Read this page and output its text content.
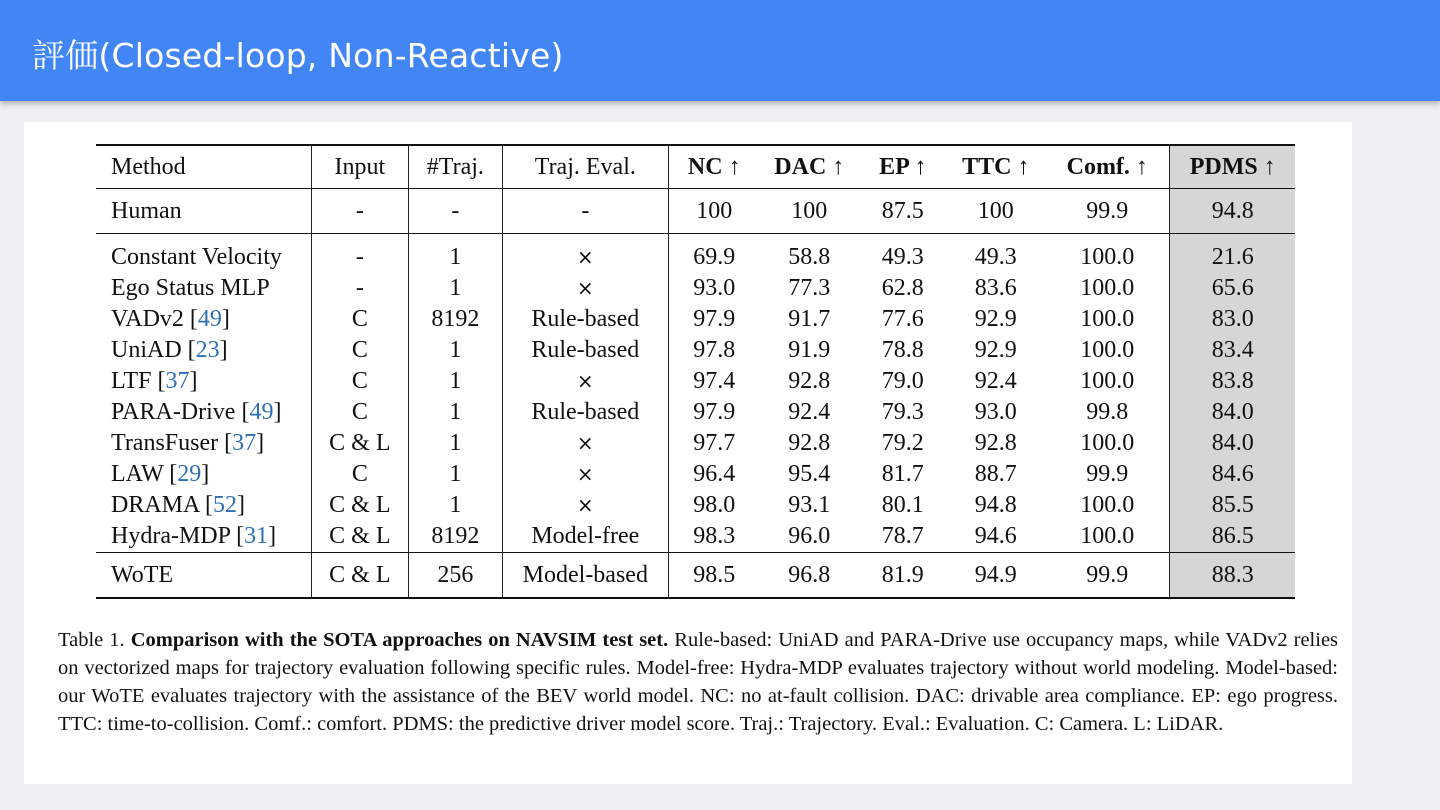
評価(Closed-loop, Non-Reactive)
Method	Input	#Traj.	Traj. Eval.	NC ↑	DAC ↑	EP ↑	TTC ↑	Comf. ↑	PDMS ↑
Human	-	-	-	100	100	87.5	100	99.9	94.8
Constant Velocity	-	1	×	69.9	58.8	49.3	49.3	100.0	21.6
Ego Status MLP	-	1	×	93.0	77.3	62.8	83.6	100.0	65.6
VADv2 [49]	C	8192	Rule-based	97.9	91.7	77.6	92.9	100.0	83.0
UniAD [23]	C	1	Rule-based	97.8	91.9	78.8	92.9	100.0	83.4
LTF [37]	C	1	×	97.4	92.8	79.0	92.4	100.0	83.8
PARA-Drive [49]	C	1	Rule-based	97.9	92.4	79.3	93.0	99.8	84.0
TransFuser [37]	C & L	1	×	97.7	92.8	79.2	92.8	100.0	84.0
LAW [29]	C	1	×	96.4	95.4	81.7	88.7	99.9	84.6
DRAMA [52]	C & L	1	×	98.0	93.1	80.1	94.8	100.0	85.5
Hydra-MDP [31]	C & L	8192	Model-free	98.3	96.0	78.7	94.6	100.0	86.5
WoTE	C & L	256	Model-based	98.5	96.8	81.9	94.9	99.9	88.3
Table 1. Comparison with the SOTA approaches on NAVSIM test set. Rule-based: UniAD and PARA-Drive use occupancy maps, while VADv2 relies on vectorized maps for trajectory evaluation following specific rules. Model-free: Hydra-MDP evaluates trajectory without world modeling. Model-based: our WoTE evaluates trajectory with the assistance of the BEV world model. NC: no at-fault collision. DAC: drivable area compliance. EP: ego progress. TTC: time-to-collision. Comf.: comfort. PDMS: the predictive driver model score. Traj.: Trajectory. Eval.: Evaluation. C: Camera. L: LiDAR.
